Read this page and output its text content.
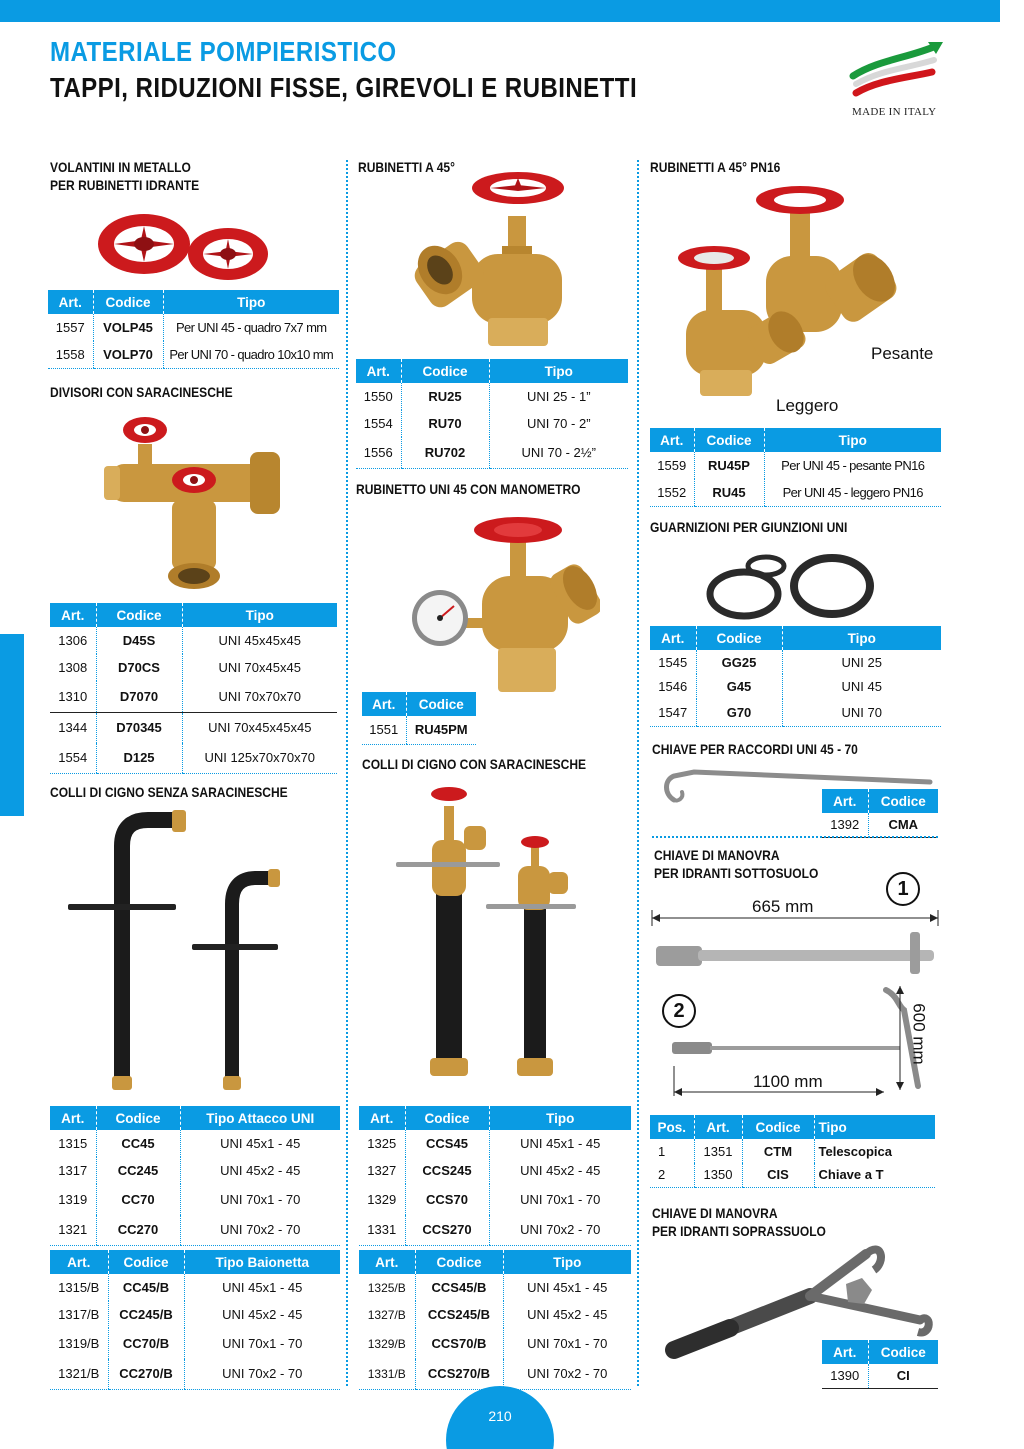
MATERIALE POMPIERISTICO
TAPPI, RIDUZIONI FISSE, GIREVOLI E RUBINETTI
MADE IN ITALY
VOLANTINI IN METALLO
PER RUBINETTI IDRANTE
Art.	Codice	Tipo
1557	VOLP45	Per UNI 45 - quadro 7x7 mm
1558	VOLP70	Per UNI 70 - quadro 10x10 mm
DIVISORI CON SARACINESCHE
Art.	Codice	Tipo
1306	D45S	UNI 45x45x45
1308	D70CS	UNI 70x45x45
1310	D7070	UNI 70x70x70
1344	D70345	UNI 70x45x45x45
1554	D125	UNI 125x70x70x70
COLLI DI CIGNO SENZA SARACINESCHE
Art.	Codice	Tipo Attacco UNI
1315	CC45	UNI 45x1 - 45
1317	CC245	UNI 45x2 - 45
1319	CC70	UNI 70x1 - 70
1321	CC270	UNI 70x2 - 70
Art.	Codice	Tipo Baionetta
1315/B	CC45/B	UNI 45x1 - 45
1317/B	CC245/B	UNI 45x2 - 45
1319/B	CC70/B	UNI 70x1 - 70
1321/B	CC270/B	UNI 70x2 - 70
RUBINETTI A 45°
Art.	Codice	Tipo
1550	RU25	UNI 25 - 1”
1554	RU70	UNI 70 - 2”
1556	RU702	UNI 70 - 2½”
RUBINETTO UNI 45 CON MANOMETRO
Art.	Codice
1551	RU45PM
COLLI DI CIGNO CON SARACINESCHE
Art.	Codice	Tipo
1325	CCS45	UNI 45x1 - 45
1327	CCS245	UNI 45x2 - 45
1329	CCS70	UNI 70x1 - 70
1331	CCS270	UNI 70x2 - 70
Art.	Codice	Tipo
1325/B	CCS45/B	UNI 45x1 - 45
1327/B	CCS245/B	UNI 45x2 - 45
1329/B	CCS70/B	UNI 70x1 - 70
1331/B	CCS270/B	UNI 70x2 - 70
RUBINETTI A 45° PN16
Pesante
Leggero
Art.	Codice	Tipo
1559	RU45P	Per UNI 45 - pesante PN16
1552	RU45	Per UNI 45 - leggero PN16
GUARNIZIONI PER GIUNZIONI UNI
Art.	Codice	Tipo
1545	GG25	UNI 25
1546	G45	UNI 45
1547	G70	UNI 70
CHIAVE PER RACCORDI UNI 45 - 70
Art.	Codice
1392	CMA
CHIAVE DI MANOVRA
PER IDRANTI SOTTOSUOLO
1
2
665 mm
1100 mm
600 mm
Pos.	Art.	Codice	Tipo
1	1351	CTM	Telescopica
2	1350	CIS	Chiave a T
CHIAVE DI MANOVRA
PER IDRANTI SOPRASSUOLO
Art.	Codice
1390	CI
210
